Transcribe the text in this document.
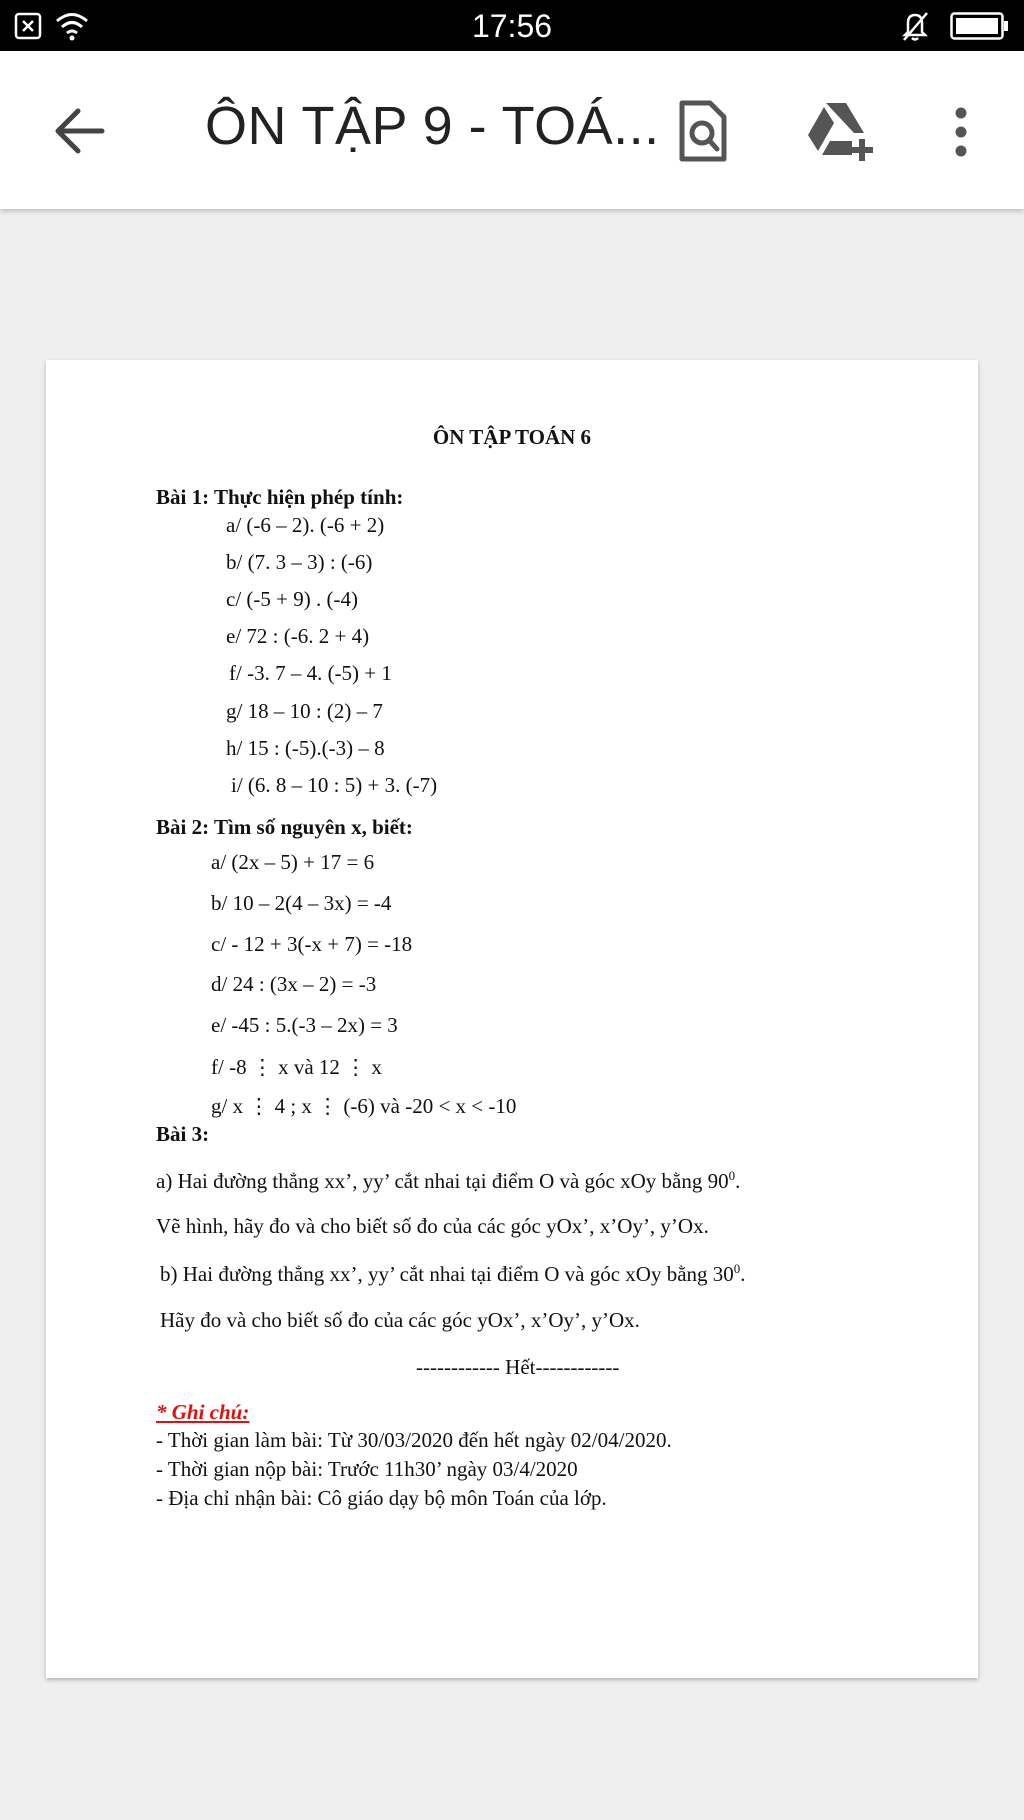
17:56
ÔN TẬP 9 - TOÁ...
ÔN TẬP TOÁN 6
Bài 1: Thực hiện phép tính:
a/ (-6 – 2). (-6 + 2)
b/ (7. 3 – 3) : (-6)
c/ (-5 + 9) . (-4)
e/ 72 : (-6. 2 + 4)
f/ -3. 7 – 4. (-5) + 1
g/ 18 – 10 : (2) – 7
h/ 15 : (-5).(-3) – 8
i/ (6. 8 – 10 : 5) + 3. (-7)
Bài 2: Tìm số nguyên x, biết:
a/ (2x – 5) + 17 = 6
b/ 10 – 2(4 – 3x) = -4
c/ - 12 + 3(-x + 7) = -18
d/ 24 : (3x – 2) = -3
e/ -45 : 5.(-3 – 2x) = 3
f/ -8 ⋮ x và 12 ⋮ x
g/ x ⋮ 4 ; x ⋮ (-6) và -20 < x < -10
Bài 3:
a) Hai đường thẳng xx’, yy’ cắt nhai tại điểm O và góc xOy bằng $90^0$.
Vẽ hình, hãy đo và cho biết số đo của các góc yOx’, x’Oy’, y’Ox.
b) Hai đường thẳng xx’, yy’ cắt nhai tại điểm O và góc xOy bằng $30^0$.
Hãy đo và cho biết số đo của các góc yOx’, x’Oy’, y’Ox.
------------ Hết------------
* Ghi chú:
- Thời gian làm bài: Từ 30/03/2020 đến hết ngày 02/04/2020.
- Thời gian nộp bài: Trước 11h30’ ngày 03/4/2020
- Địa chỉ nhận bài: Cô giáo dạy bộ môn Toán của lớp.
